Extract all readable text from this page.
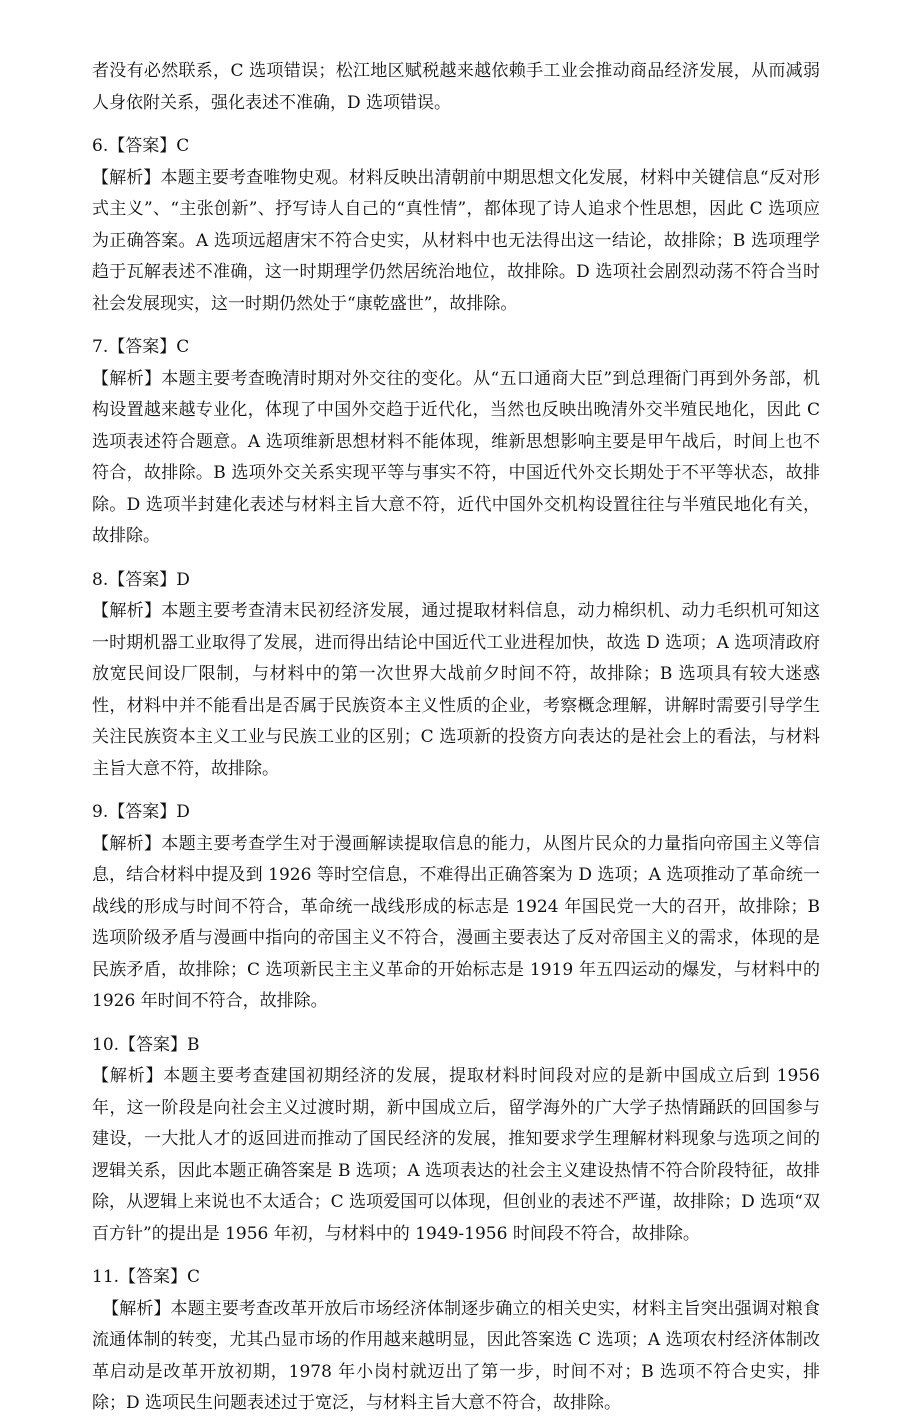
者没有必然联系，C 选项错误；松江地区赋税越来越依赖手工业会推动商品经济发展，从而减弱人身依附关系，强化表述不准确，D 选项错误。

6.【答案】C

【解析】本题主要考查唯物史观。材料反映出清朝前中期思想文化发展，材料中关键信息“反对形式主义”、“主张创新”、抒写诗人自己的“真性情”，都体现了诗人追求个性思想，因此 C 选项应为正确答案。A 选项远超唐宋不符合史实，从材料中也无法得出这一结论，故排除；B 选项理学趋于瓦解表述不准确，这一时期理学仍然居统治地位，故排除。D 选项社会剧烈动荡不符合当时社会发展现实，这一时期仍然处于“康乾盛世”，故排除。

7.【答案】C

【解析】本题主要考查晚清时期对外交往的变化。从“五口通商大臣”到总理衙门再到外务部，机构设置越来越专业化，体现了中国外交趋于近代化，当然也反映出晚清外交半殖民地化，因此 C 选项表述符合题意。A 选项维新思想材料不能体现，维新思想影响主要是甲午战后，时间上也不符合，故排除。B 选项外交关系实现平等与事实不符，中国近代外交长期处于不平等状态，故排除。D 选项半封建化表述与材料主旨大意不符，近代中国外交机构设置往往与半殖民地化有关，故排除。

8.【答案】D

【解析】本题主要考查清末民初经济发展，通过提取材料信息，动力棉织机、动力毛织机可知这一时期机器工业取得了发展，进而得出结论中国近代工业进程加快，故选 D 选项；A 选项清政府放宽民间设厂限制，与材料中的第一次世界大战前夕时间不符，故排除；B 选项具有较大迷惑性，材料中并不能看出是否属于民族资本主义性质的企业，考察概念理解，讲解时需要引导学生关注民族资本主义工业与民族工业的区别；C 选项新的投资方向表达的是社会上的看法，与材料主旨大意不符，故排除。

9.【答案】D

【解析】本题主要考查学生对于漫画解读提取信息的能力，从图片民众的力量指向帝国主义等信息，结合材料中提及到 1926 等时空信息，不难得出正确答案为 D 选项；A 选项推动了革命统一战线的形成与时间不符合，革命统一战线形成的标志是 1924 年国民党一大的召开，故排除；B 选项阶级矛盾与漫画中指向的帝国主义不符合，漫画主要表达了反对帝国主义的需求，体现的是民族矛盾，故排除；C 选项新民主主义革命的开始标志是 1919 年五四运动的爆发，与材料中的 1926 年时间不符合，故排除。

10.【答案】B

【解析】本题主要考查建国初期经济的发展，提取材料时间段对应的是新中国成立后到 1956 年，这一阶段是向社会主义过渡时期，新中国成立后，留学海外的广大学子热情踊跃的回国参与建设，一大批人才的返回进而推动了国民经济的发展，推知要求学生理解材料现象与选项之间的逻辑关系，因此本题正确答案是 B 选项；A 选项表达的社会主义建设热情不符合阶段特征，故排除，从逻辑上来说也不太适合；C 选项爱国可以体现，但创业的表述不严谨，故排除；D 选项“双百方针”的提出是 1956 年初，与材料中的 1949-1956 时间段不符合，故排除。

11.【答案】C

【解析】本题主要考查改革开放后市场经济体制逐步确立的相关史实，材料主旨突出强调对粮食流通体制的转变，尤其凸显市场的作用越来越明显，因此答案选 C 选项；A 选项农村经济体制改革启动是改革开放初期，1978 年小岗村就迈出了第一步，时间不对；B 选项不符合史实，排除；D 选项民生问题表述过于宽泛，与材料主旨大意不符合，故排除。
